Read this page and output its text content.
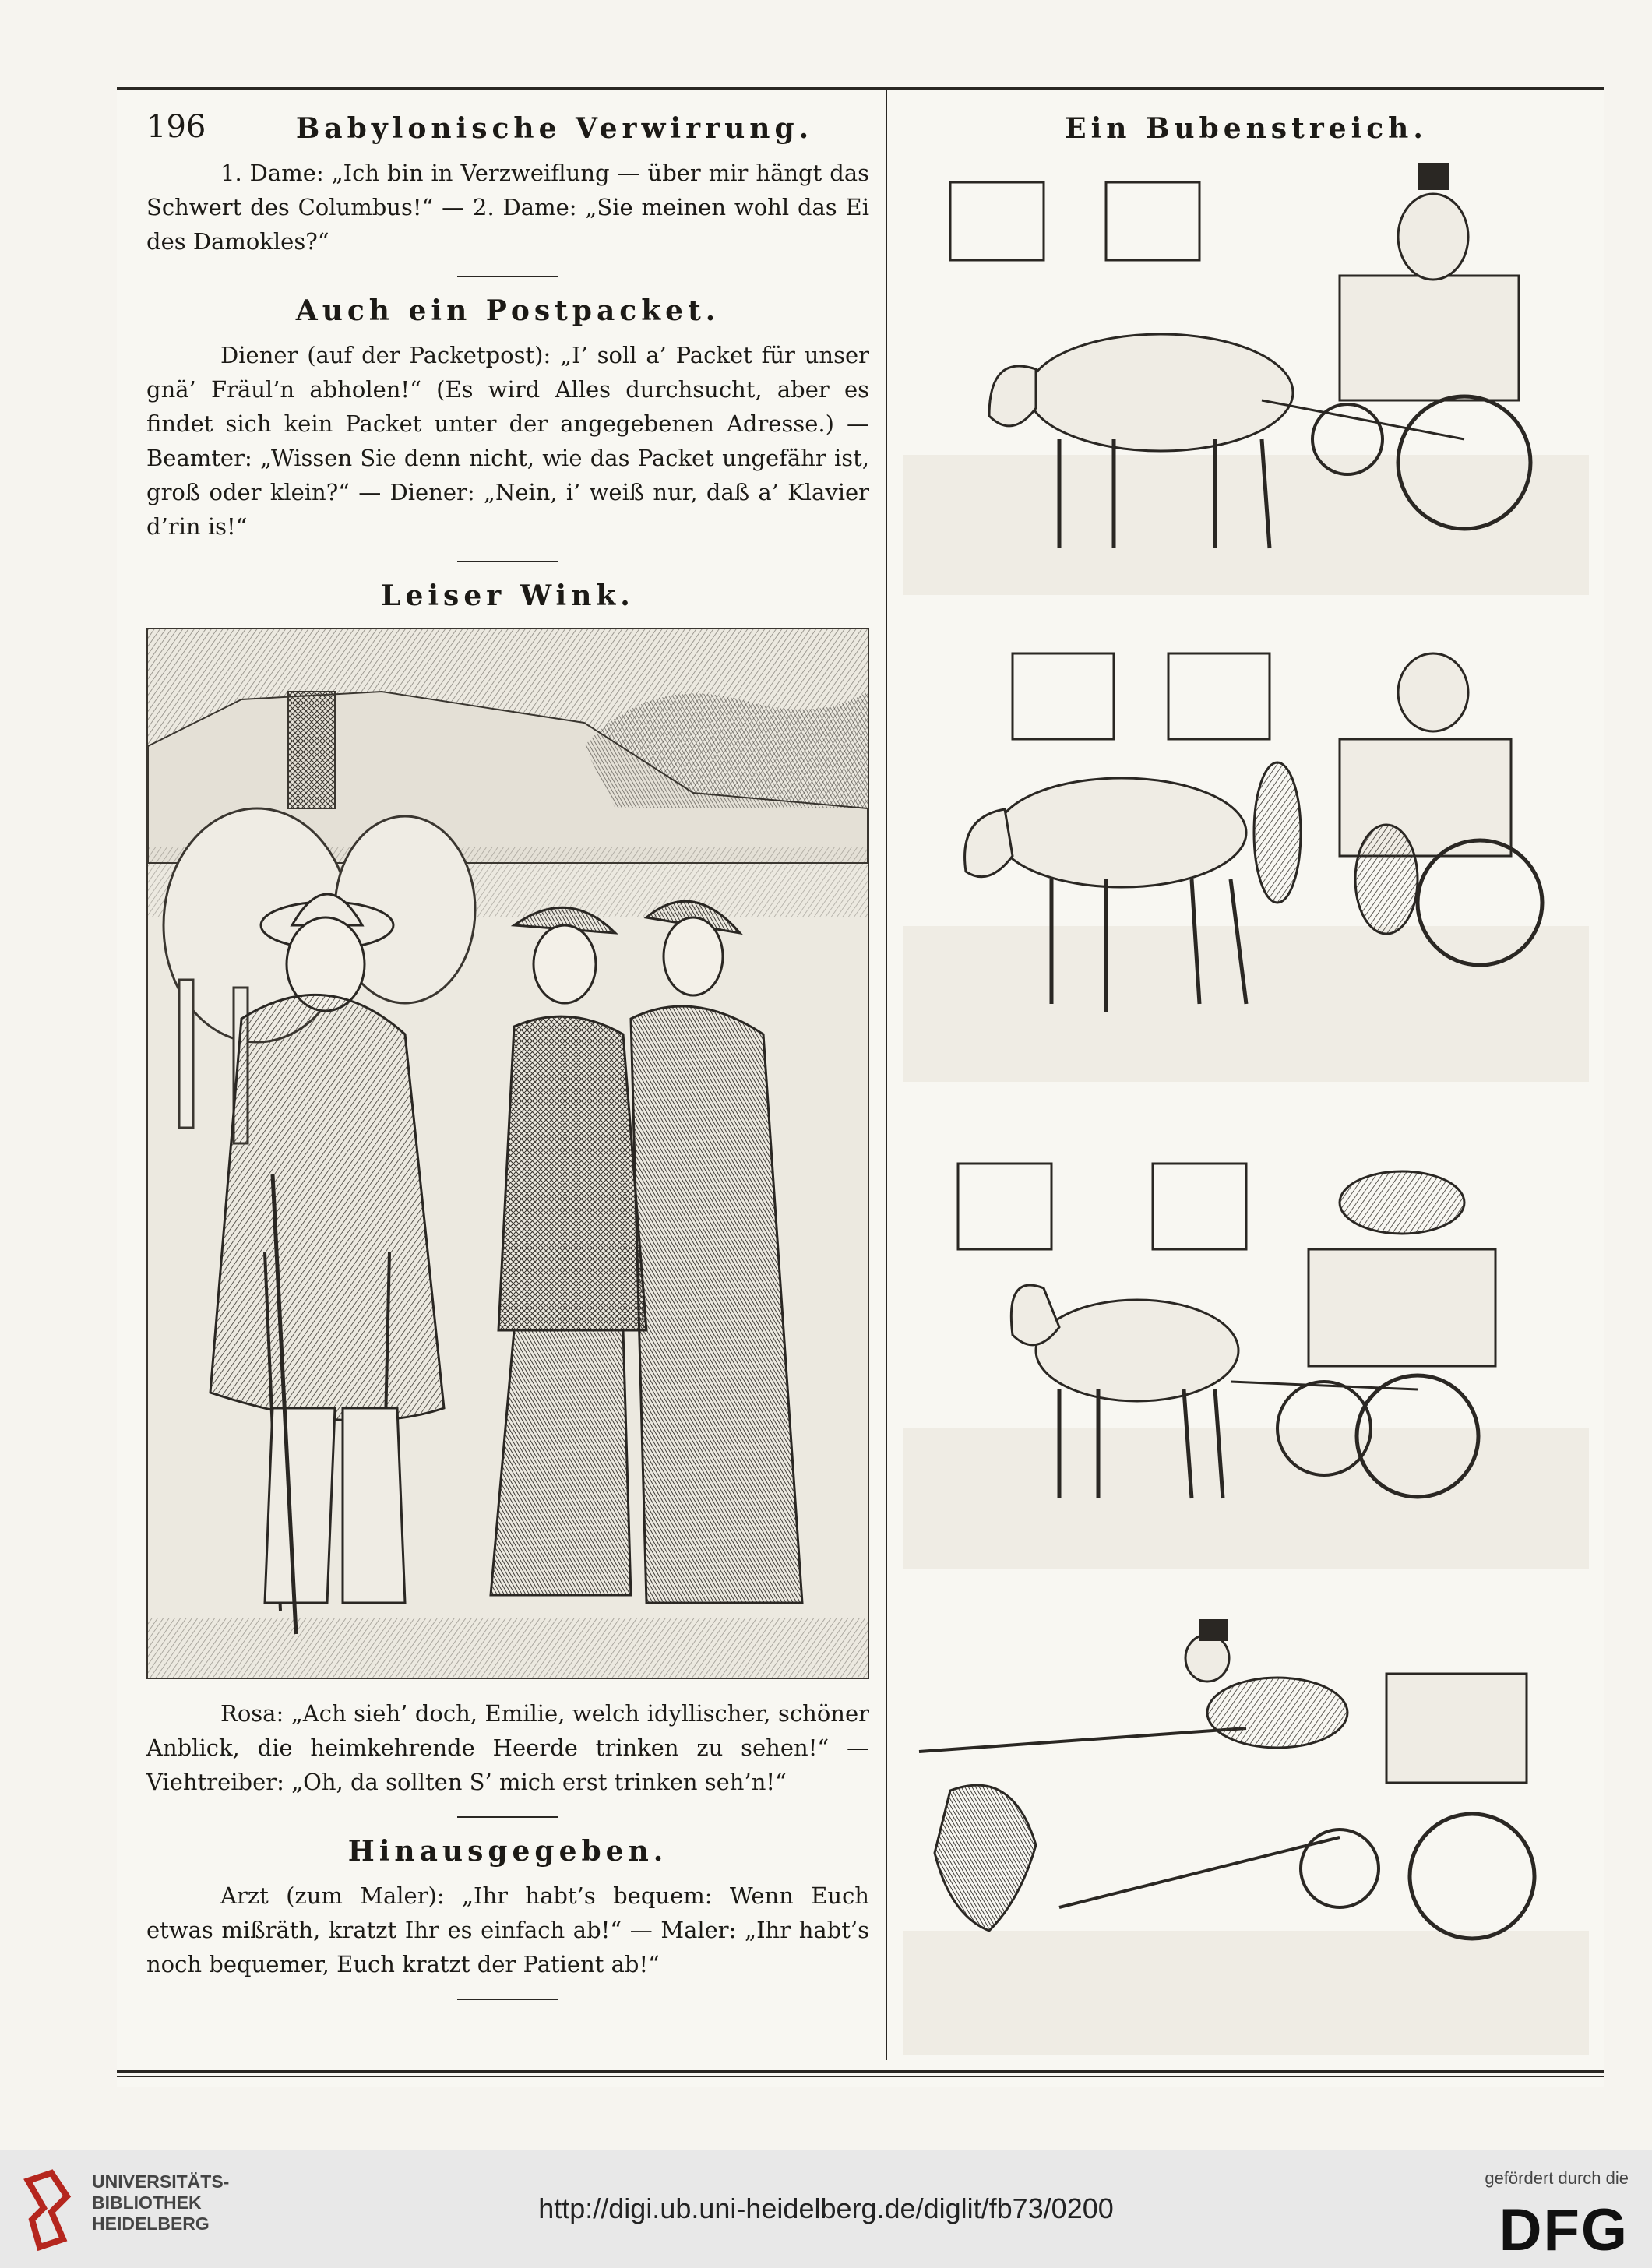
196	Babylonische Verwirrung.

1. Dame: „Ich bin in Verzweiflung — über mir hängt das Schwert des Columbus!“ — 2. Dame: „Sie meinen wohl das Ei des Damokles?“

Auch ein Postpacket.

Diener (auf der Packetpost): „I’ soll a’ Packet für unser gnä’ Fräul’n abholen!“ (Es wird Alles durchsucht, aber es findet sich kein Packet unter der angegebenen Adresse.) — Beamter: „Wissen Sie denn nicht, wie das Packet ungefähr ist, groß oder klein?“ — Diener: „Nein, i’ weiß nur, daß a’ Klavier d’rin is!“

Leiser Wink.

Rosa: „Ach sieh’ doch, Emilie, welch idyllischer, schöner Anblick, die heimkehrende Heerde trinken zu sehen!“ — Viehtreiber: „Oh, da sollten S’ mich erst trinken seh’n!“

Hinausgegeben.

Arzt (zum Maler): „Ihr habt’s bequem: Wenn Euch etwas mißräth, kratzt Ihr es einfach ab!“ — Maler: „Ihr habt’s noch bequemer, Euch kratzt der Patient ab!“

Ein Bubenstreich.
UNIVERSITÄTS-
BIBLIOTHEK
HEIDELBERG	http://digi.ub.uni-heidelberg.de/diglit/fb73/0200
gefördert durch die
DFG
